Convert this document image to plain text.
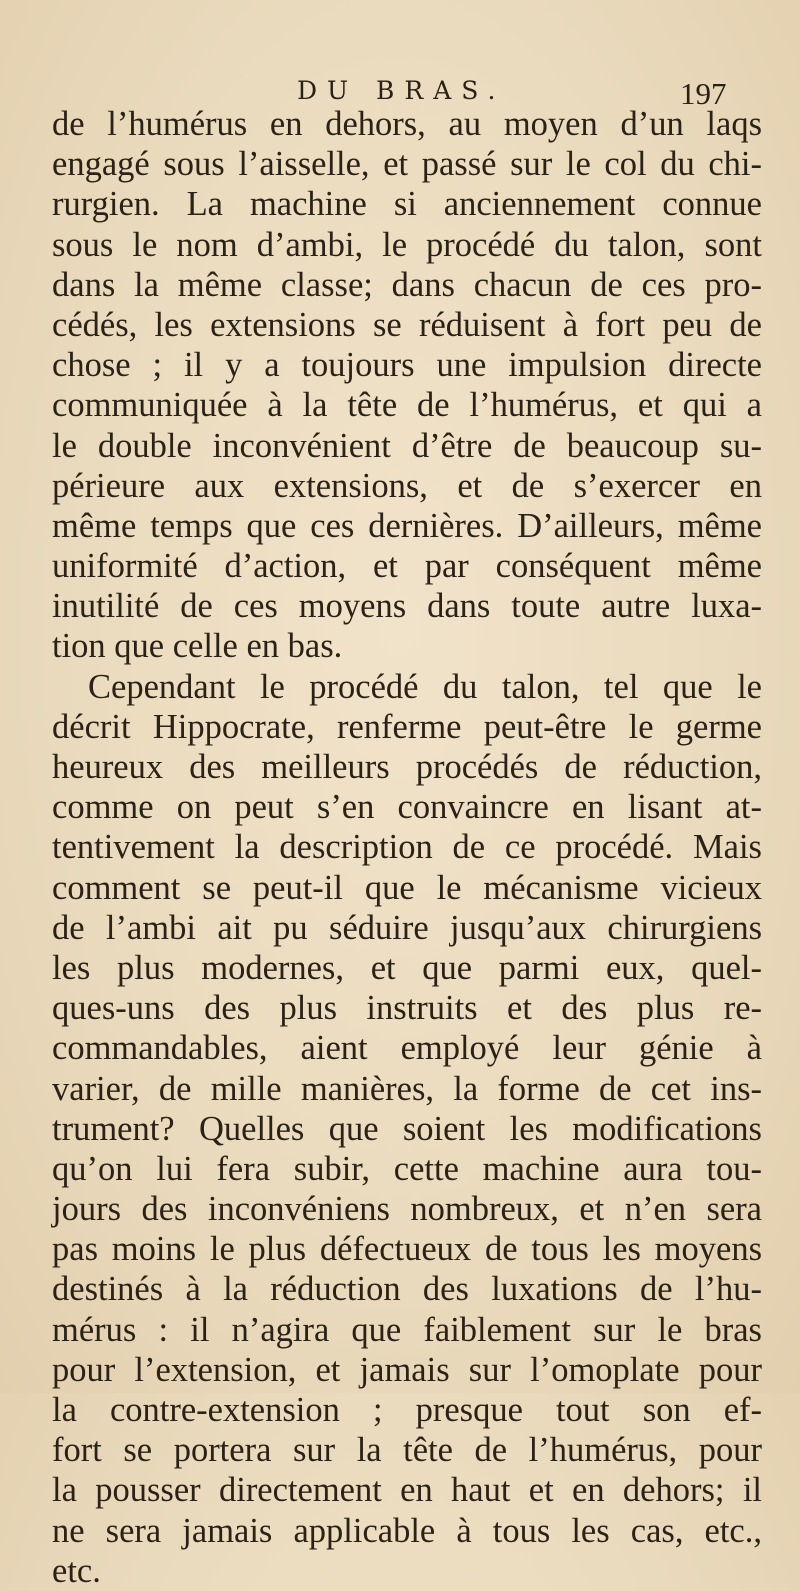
DU BRAS.	197
de l’humérus en dehors, au moyen d’un laqs
engagé sous l’aisselle, et passé sur le col du chi-
rurgien. La machine si anciennement connue
sous le nom d’ambi, le procédé du talon, sont
dans la même classe; dans chacun de ces pro-
cédés, les extensions se réduisent à fort peu de
chose ; il y a toujours une impulsion directe
communiquée à la tête de l’humérus, et qui a
le double inconvénient d’être de beaucoup su-
périeure aux extensions, et de s’exercer en
même temps que ces dernières. D’ailleurs, même
uniformité d’action, et par conséquent même
inutilité de ces moyens dans toute autre luxa-
tion que celle en bas.
Cependant le procédé du talon, tel que le
décrit Hippocrate, renferme peut-être le germe
heureux des meilleurs procédés de réduction,
comme on peut s’en convaincre en lisant at-
tentivement la description de ce procédé. Mais
comment se peut-il que le mécanisme vicieux
de l’ambi ait pu séduire jusqu’aux chirurgiens
les plus modernes, et que parmi eux, quel-
ques-uns des plus instruits et des plus re-
commandables, aient employé leur génie à
varier, de mille manières, la forme de cet ins-
trument? Quelles que soient les modifications
qu’on lui fera subir, cette machine aura tou-
jours des inconvéniens nombreux, et n’en sera
pas moins le plus défectueux de tous les moyens
destinés à la réduction des luxations de l’hu-
mérus : il n’agira que faiblement sur le bras
pour l’extension, et jamais sur l’omoplate pour
la contre-extension ; presque tout son ef-
fort se portera sur la tête de l’humérus, pour
la pousser directement en haut et en dehors; il
ne sera jamais applicable à tous les cas, etc.,
etc.
